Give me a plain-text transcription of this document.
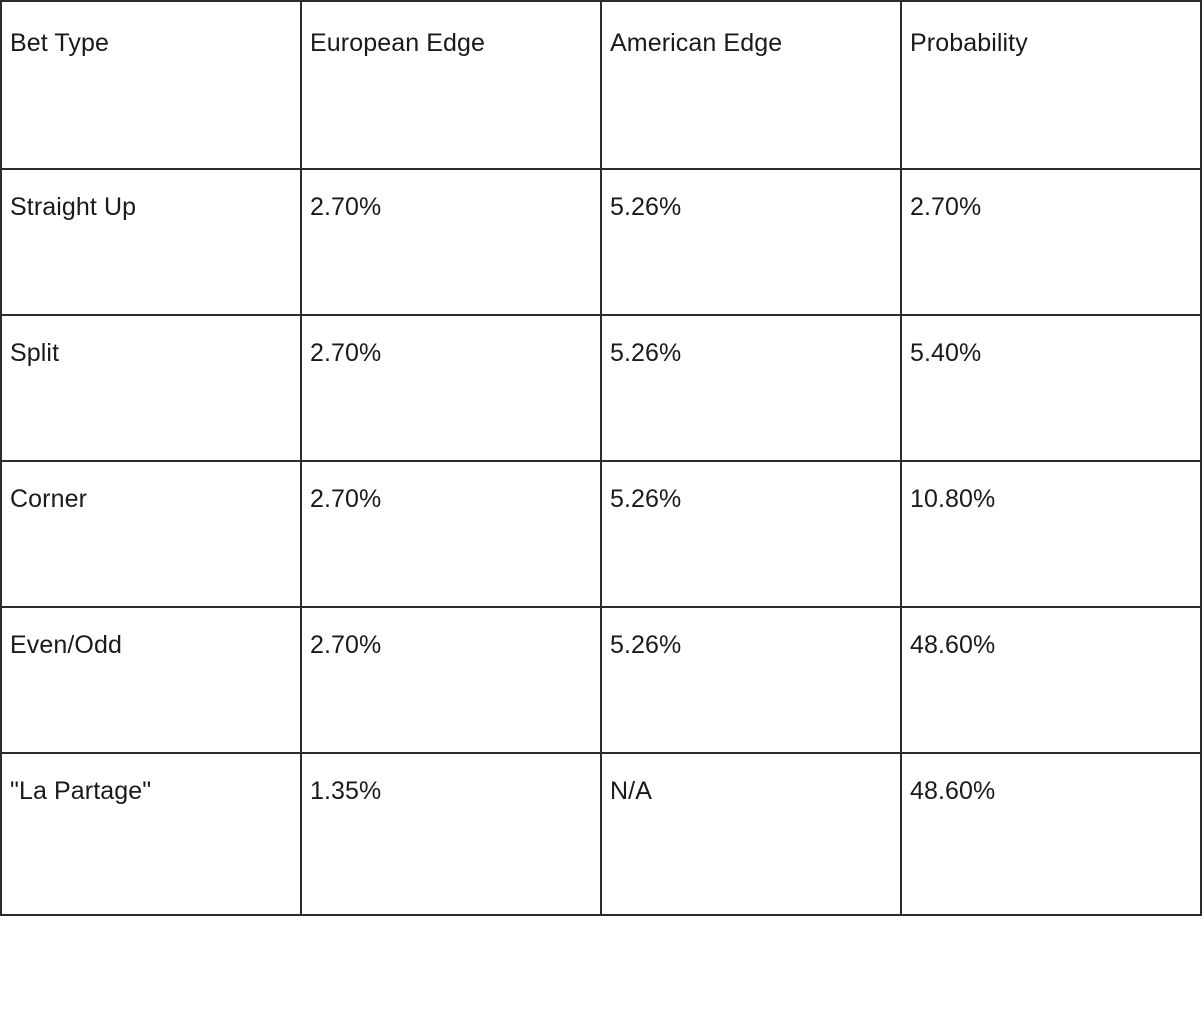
Bet Type	European Edge	American Edge	Probability
Straight Up	2.70%	5.26%	2.70%
Split	2.70%	5.26%	5.40%
Corner	2.70%	5.26%	10.80%
Even/Odd	2.70%	5.26%	48.60%
"La Partage"	1.35%	N/A	48.60%
